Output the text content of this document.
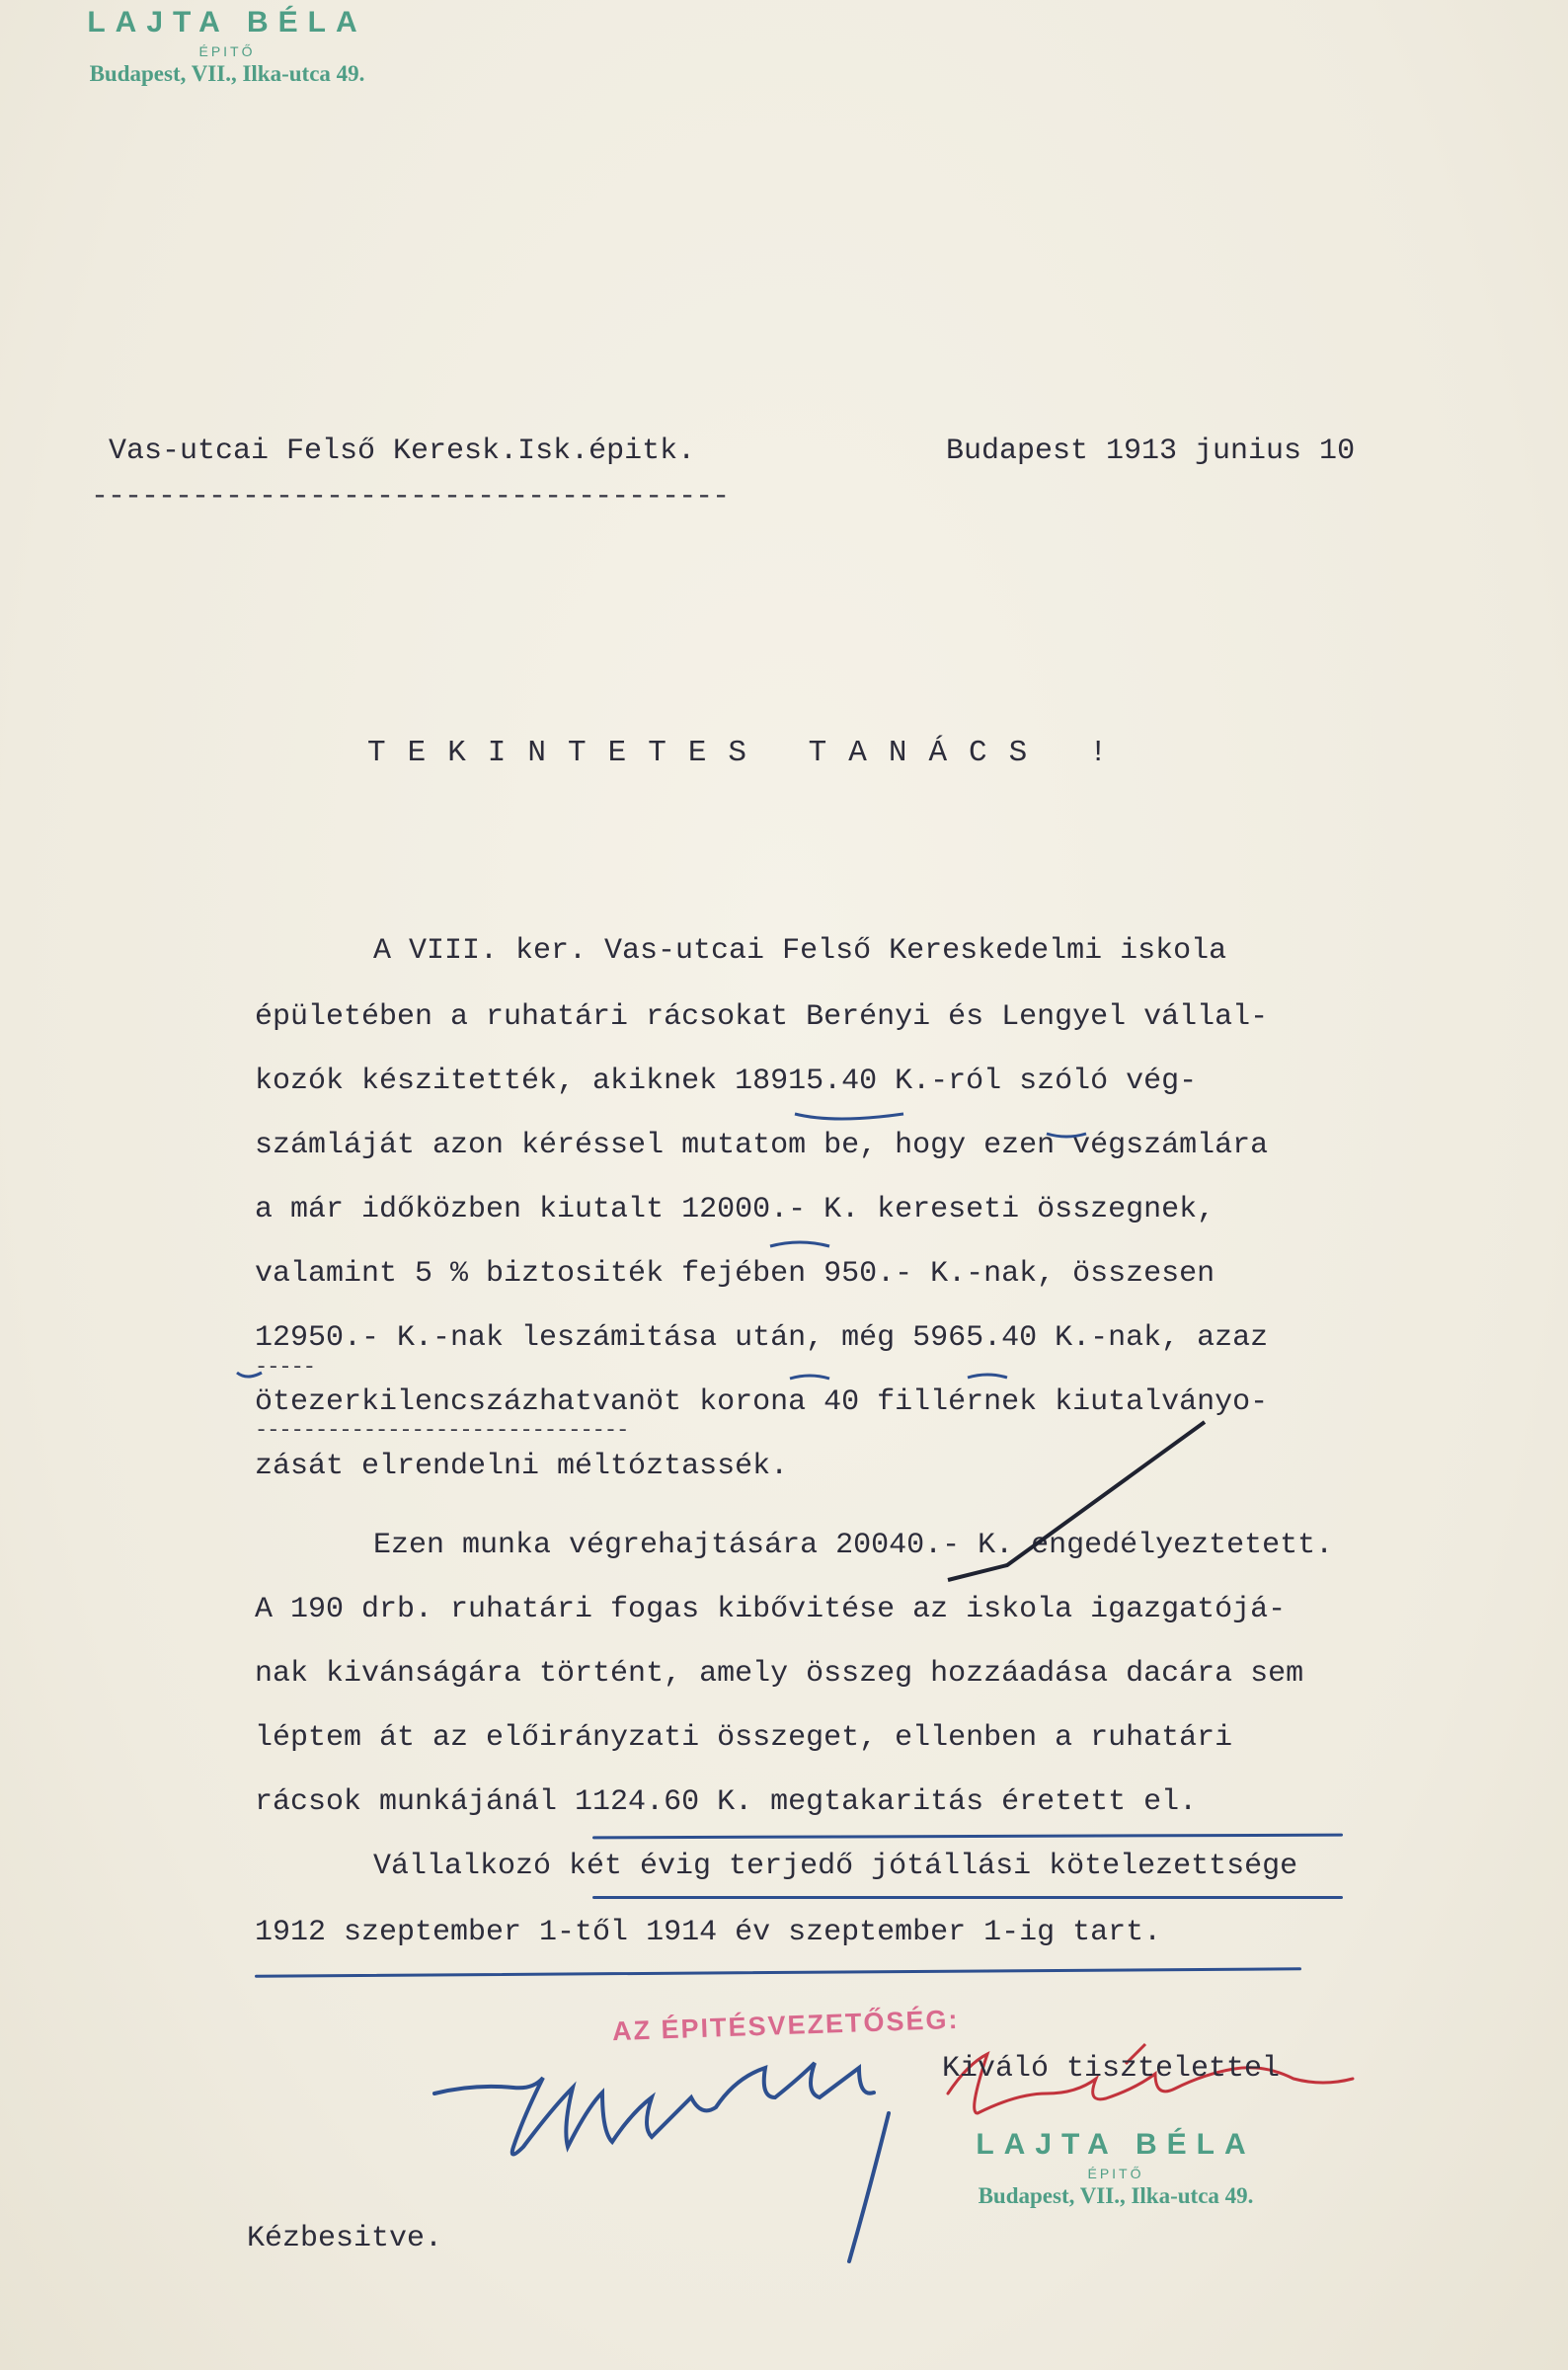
LAJTA BÉLA
ÉPITŐ
Budapest, VII., Ilka-utca 49.
Vas-utcai Felső Keresk.Isk.épitk.
--------------------------------------
Budapest 1913 junius 10
TEKINTETES TANÁCS !
A VIII. ker. Vas-utcai Felső Kereskedelmi iskola
épületében a ruhatári rácsokat Berényi és Lengyel vállal-
kozók készitették, akiknek 18915.40 K.-ról szóló vég-
számláját azon kéréssel mutatom be, hogy ezen végszámlára
a már időközben kiutalt 12000.- K. kereseti összegnek,
valamint 5 % biztositék fejében 950.- K.-nak, összesen
12950.- K.-nak leszámitása után, még 5965.40 K.-nak, azaz
ötezerkilencszázhatvanöt korona 40 fillérnek kiutalványo-
zását elrendelni méltóztassék.
Ezen munka végrehajtására 20040.- K. engedélyeztetett.
A 190 drb. ruhatári fogas kibővitése az iskola igazgatójá-
nak kivánságára történt, amely összeg hozzáadása dacára sem
léptem át az előirányzati összeget, ellenben a ruhatári
rácsok munkájánál 1124.60 K. megtakaritás éretett el.
Vállalkozó két évig terjedő jótállási kötelezettsége
1912 szeptember 1-től 1914 év szeptember 1-ig tart.
-----
-------------------------------
AZ ÉPITÉSVEZETŐSÉG:
Kiváló tisztelettel
LAJTA BÉLA
ÉPITŐ
Budapest, VII., Ilka-utca 49.
Kézbesitve.
